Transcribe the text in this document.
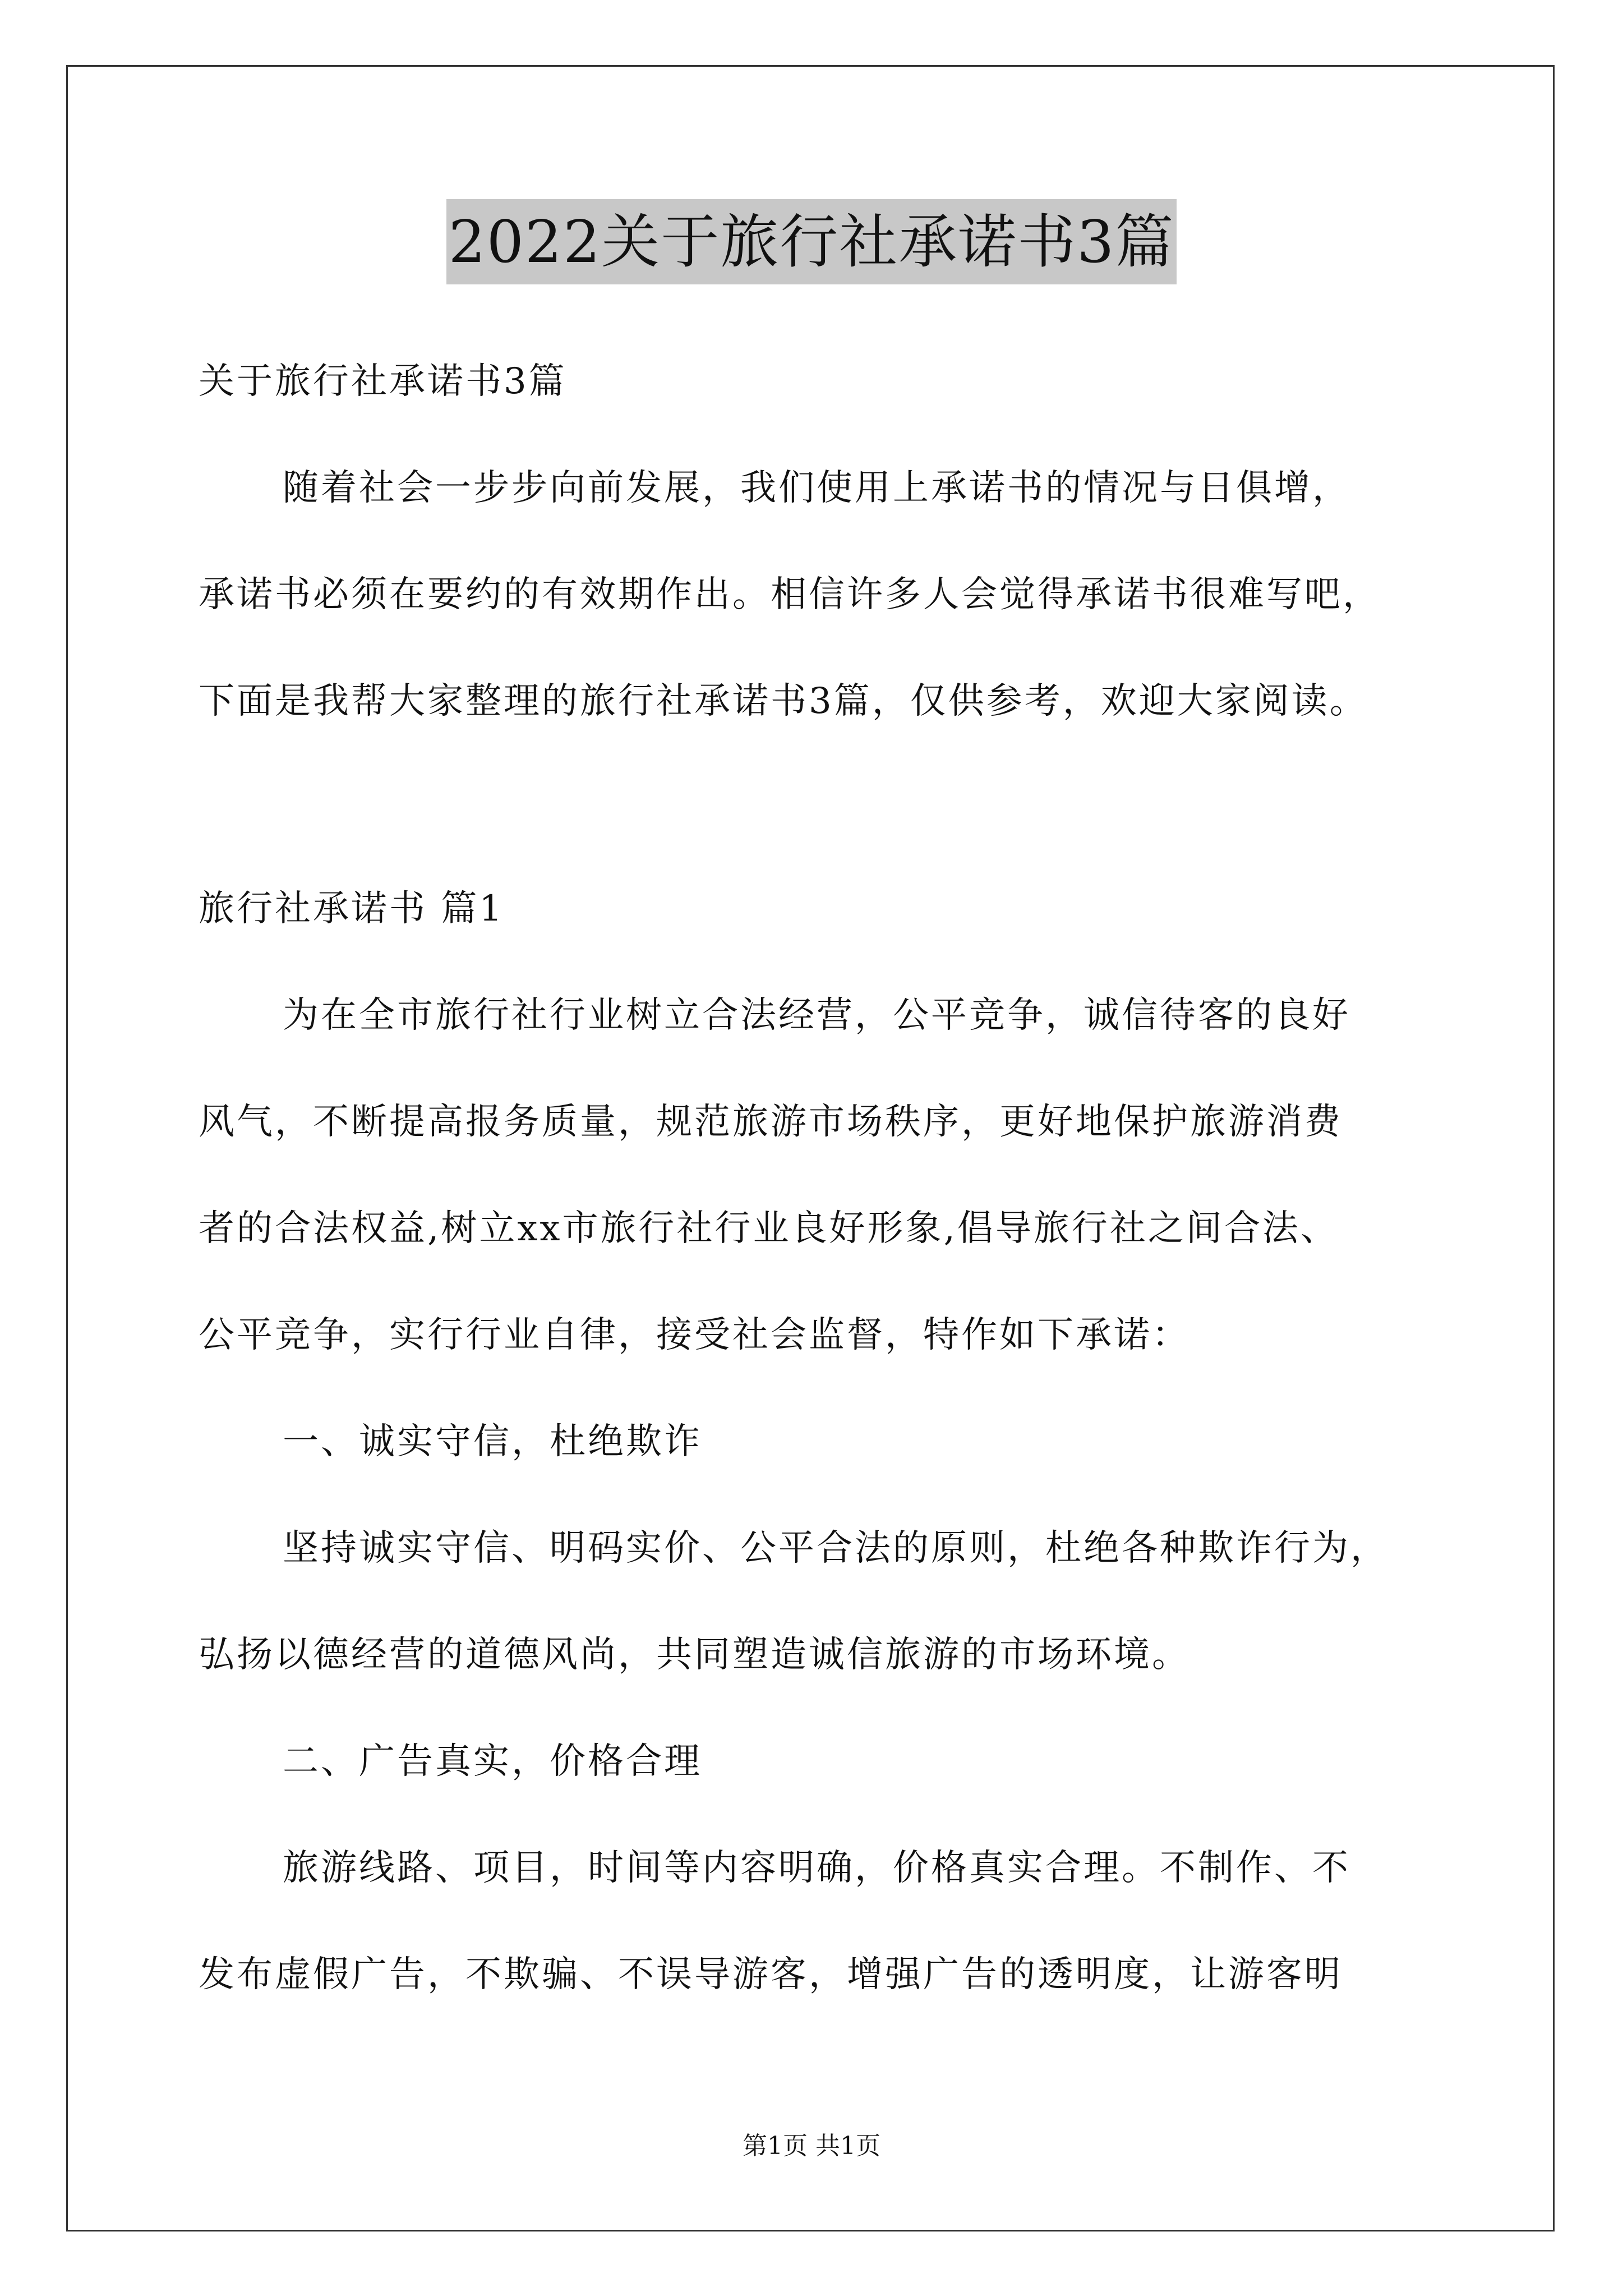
2022关于旅行社承诺书3篇
关于旅行社承诺书3篇
随着社会一步步向前发展，我们使用上承诺书的情况与日俱增，
承诺书必须在要约的有效期作出。相信许多人会觉得承诺书很难写吧，
下面是我帮大家整理的旅行社承诺书3篇，仅供参考，欢迎大家阅读。
旅行社承诺书 篇1
为在全市旅行社行业树立合法经营，公平竞争，诚信待客的良好
风气，不断提高报务质量，规范旅游市场秩序，更好地保护旅游消费
者的合法权益,树立xx市旅行社行业良好形象,倡导旅行社之间合法、
公平竞争，实行行业自律，接受社会监督，特作如下承诺：
一、诚实守信，杜绝欺诈
坚持诚实守信、明码实价、公平合法的原则，杜绝各种欺诈行为，
弘扬以德经营的道德风尚，共同塑造诚信旅游的市场环境。
二、广告真实，价格合理
旅游线路、项目，时间等内容明确，价格真实合理。不制作、不
发布虚假广告，不欺骗、不误导游客，增强广告的透明度，让游客明
第1页 共1页
